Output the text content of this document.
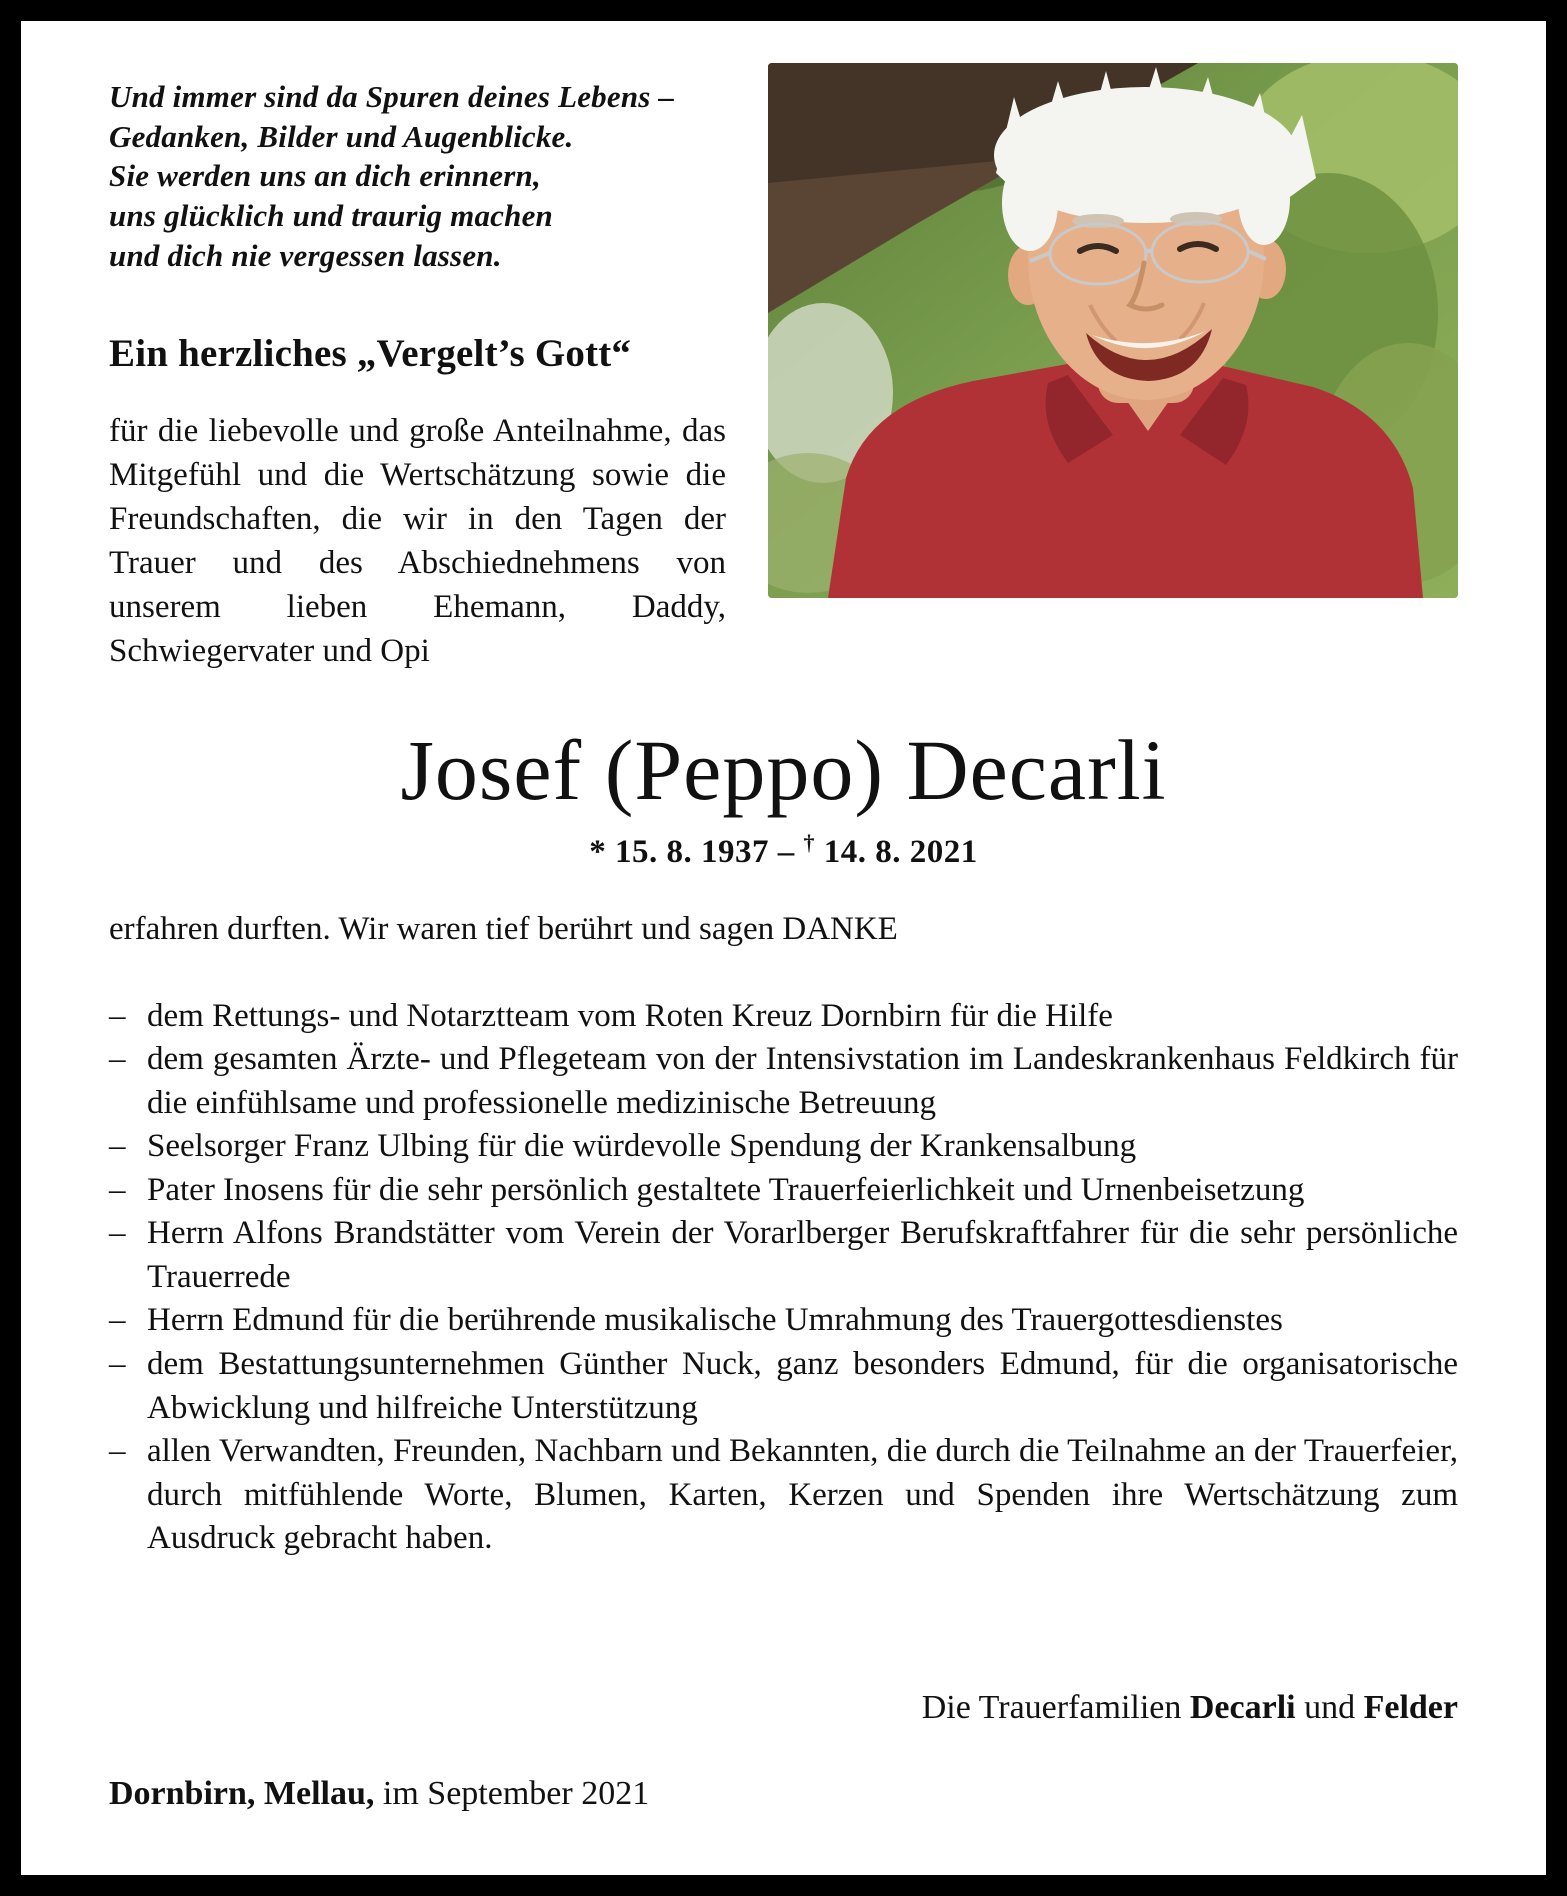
Und immer sind da Spuren deines Lebens –
Gedanken, Bilder und Augenblicke.
Sie werden uns an dich erinnern,
uns glücklich und traurig machen
und dich nie vergessen lassen.
Ein herzliches „Vergelt’s Gott“

für die liebevolle und große Anteilnahme, das Mitgefühl und die Wertschätzung sowie die Freundschaften, die wir in den Tagen der Trauer und des Abschiednehmens von unserem lieben Ehemann, Daddy, Schwiegervater und Opi

Josef (Peppo) Decarli
* 15. 8. 1937 – † 14. 8. 2021

erfahren durften. Wir waren tief berührt und sagen DANKE

– dem Rettungs- und Notarztteam vom Roten Kreuz Dornbirn für die Hilfe
– dem gesamten Ärzte- und Pflegeteam von der Intensivstation im Landeskrankenhaus Feldkirch für die einfühlsame und professionelle medizinische Betreuung
– Seelsorger Franz Ulbing für die würdevolle Spendung der Krankensalbung
– Pater Inosens für die sehr persönlich gestaltete Trauerfeierlichkeit und Urnenbeisetzung
– Herrn Alfons Brandstätter vom Verein der Vorarlberger Berufskraftfahrer für die sehr persönliche Trauerrede
– Herrn Edmund für die berührende musikalische Umrahmung des Trauergottesdienstes
– dem Bestattungsunternehmen Günther Nuck, ganz besonders Edmund, für die organisatorische Abwicklung und hilfreiche Unterstützung
– allen Verwandten, Freunden, Nachbarn und Bekannten, die durch die Teilnahme an der Trauerfeier, durch mitfühlende Worte, Blumen, Karten, Kerzen und Spenden ihre Wertschätzung zum Ausdruck gebracht haben.
Die Trauerfamilien Decarli und Felder
Dornbirn, Mellau, im September 2021
